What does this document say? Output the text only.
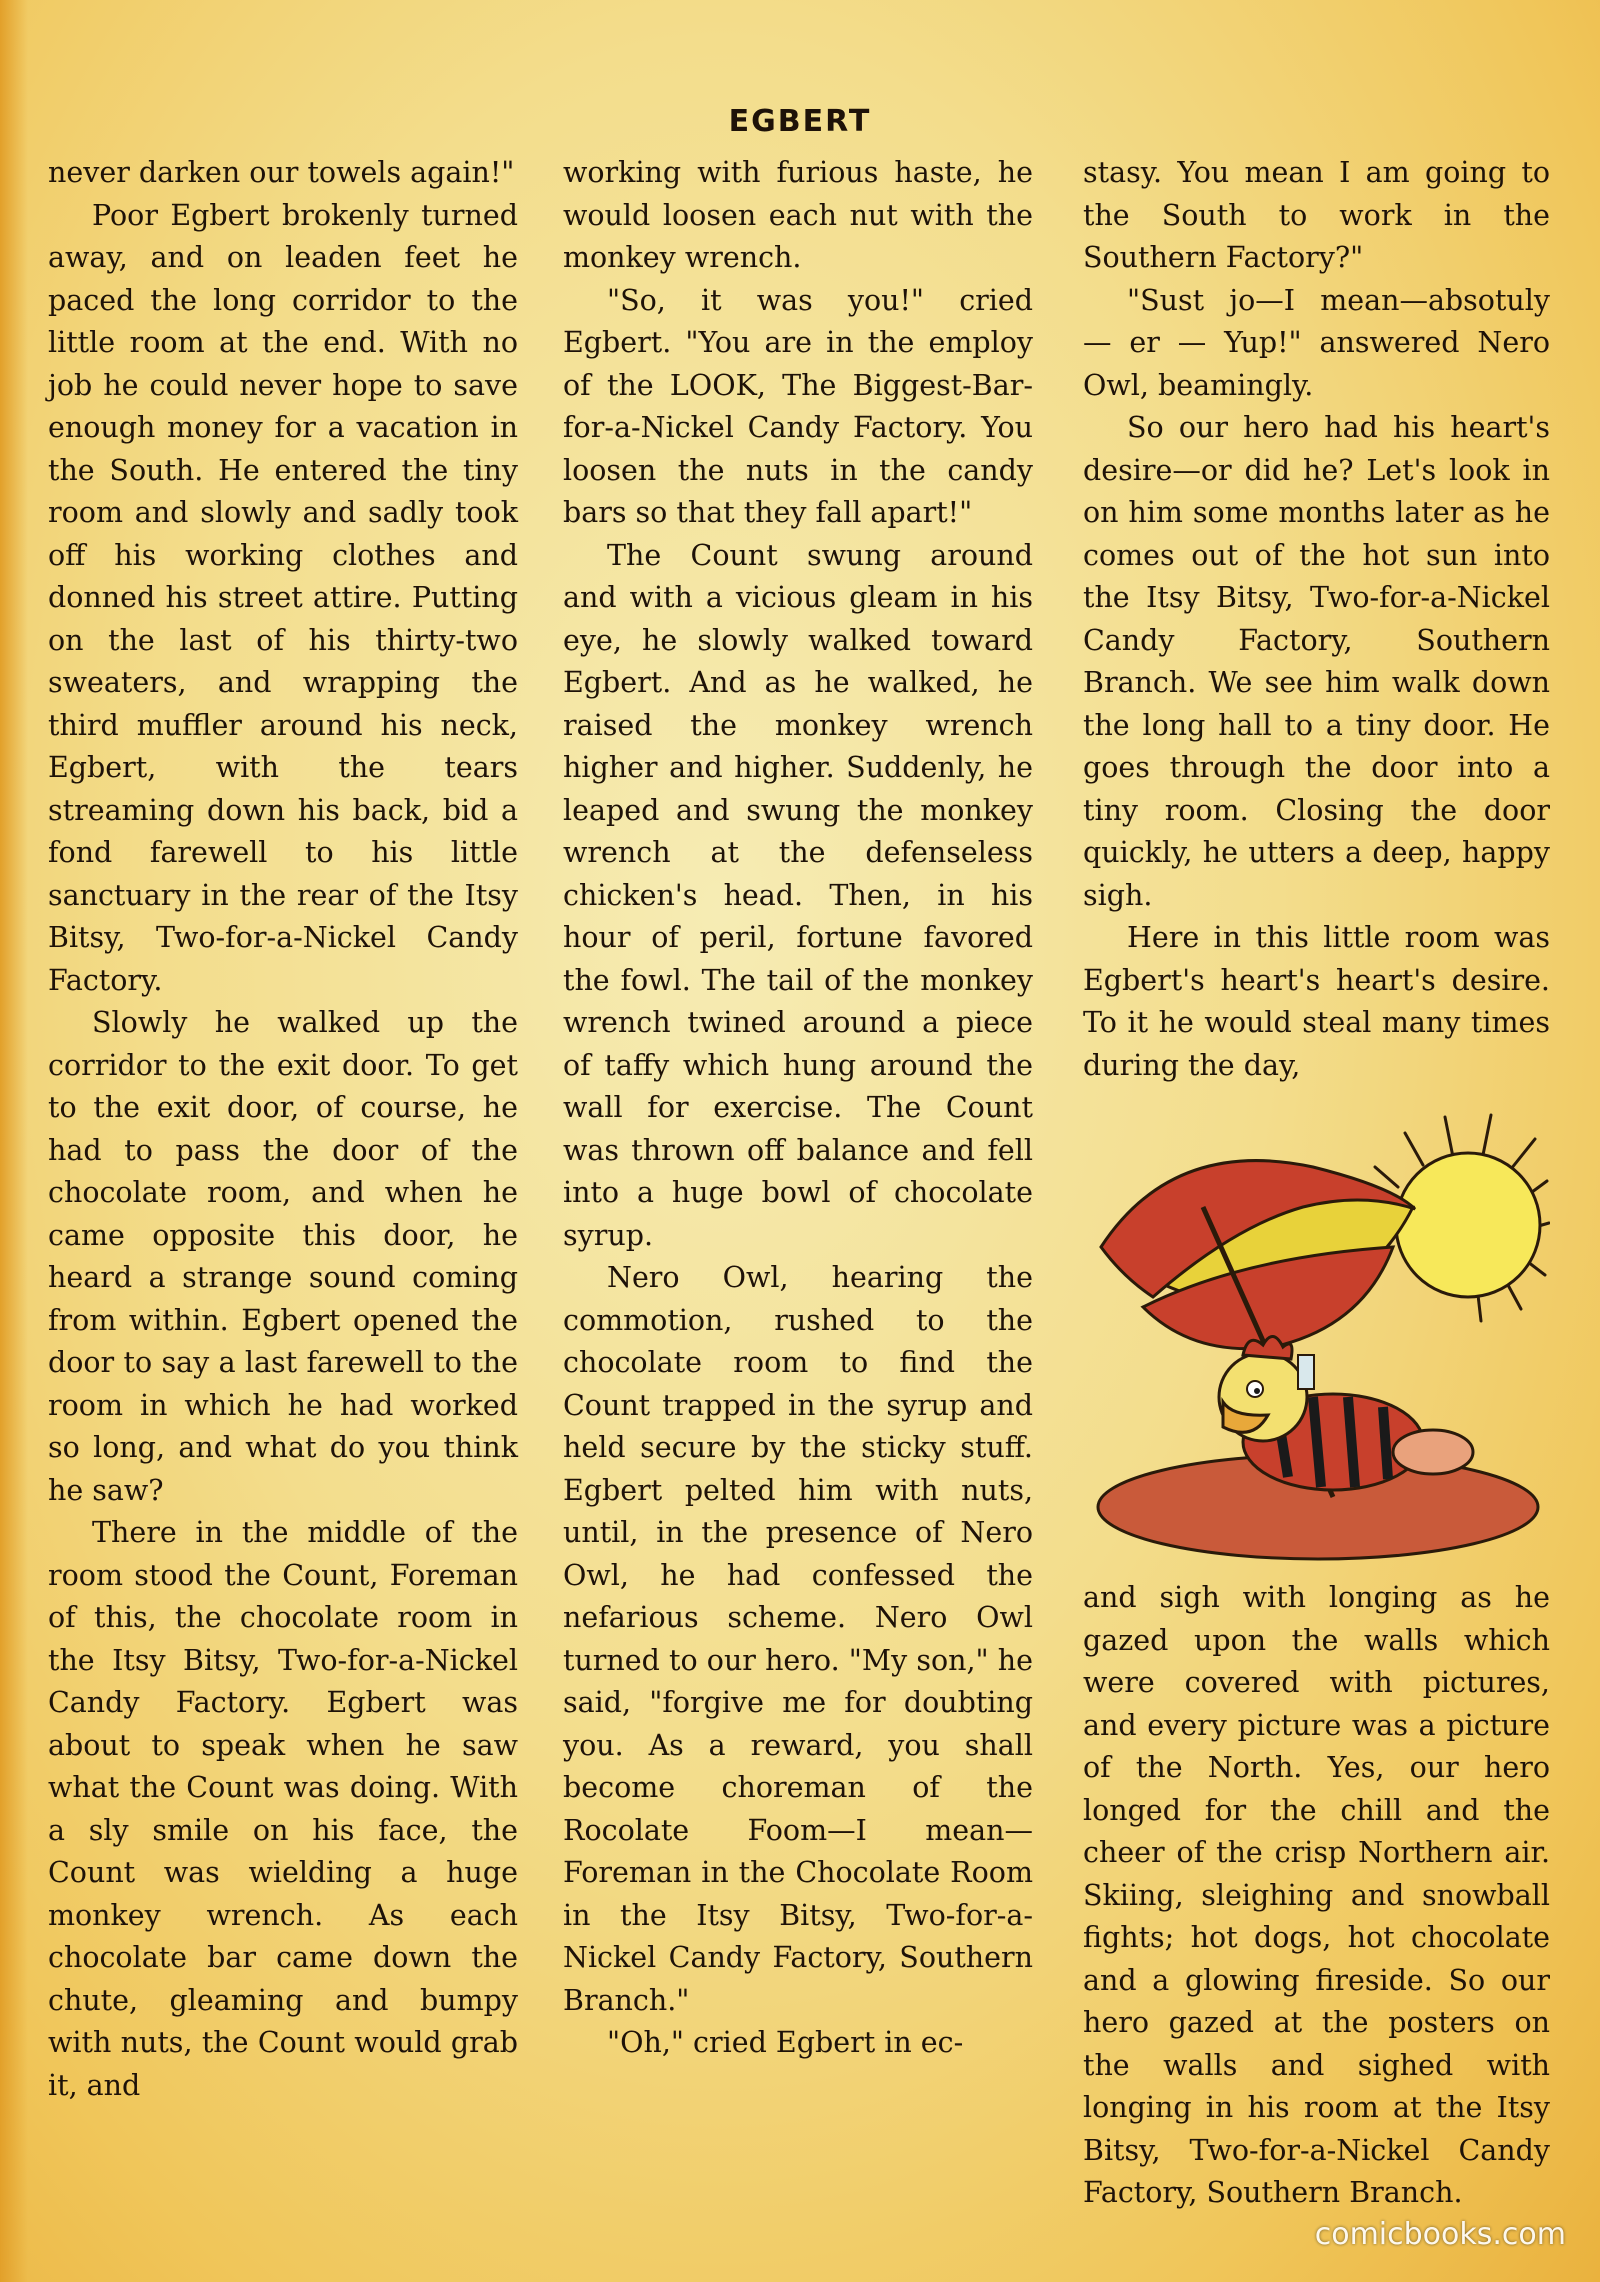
EGBERT

never darken our towels again!"

Poor Egbert brokenly turned away, and on leaden feet he paced the long corridor to the little room at the end. With no job he could never hope to save enough money for a vacation in the South. He entered the tiny room and slowly and sadly took off his working clothes and donned his street attire. Putting on the last of his thirty-two sweaters, and wrapping the third muffler around his neck, Egbert, with the tears streaming down his back, bid a fond farewell to his little sanctuary in the rear of the Itsy Bitsy, Two-for-a-Nickel Candy Factory.

Slowly he walked up the corridor to the exit door. To get to the exit door, of course, he had to pass the door of the chocolate room, and when he came opposite this door, he heard a strange sound coming from within. Egbert opened the door to say a last farewell to the room in which he had worked so long, and what do you think he saw?

There in the middle of the room stood the Count, Foreman of this, the chocolate room in the Itsy Bitsy, Two-for-a-Nickel Candy Factory. Egbert was about to speak when he saw what the Count was doing. With a sly smile on his face, the Count was wielding a huge monkey wrench. As each chocolate bar came down the chute, gleaming and bumpy with nuts, the Count would grab it, and

working with furious haste, he would loosen each nut with the monkey wrench.

"So, it was you!" cried Egbert. "You are in the employ of the LOOK, The Biggest-Bar-for-a-Nickel Candy Factory. You loosen the nuts in the candy bars so that they fall apart!"

The Count swung around and with a vicious gleam in his eye, he slowly walked toward Egbert. And as he walked, he raised the monkey wrench higher and higher. Suddenly, he leaped and swung the monkey wrench at the defenseless chicken's head. Then, in his hour of peril, fortune favored the fowl. The tail of the monkey wrench twined around a piece of taffy which hung around the wall for exercise. The Count was thrown off balance and fell into a huge bowl of chocolate syrup.

Nero Owl, hearing the commotion, rushed to the chocolate room to find the Count trapped in the syrup and held secure by the sticky stuff. Egbert pelted him with nuts, until, in the presence of Nero Owl, he had confessed the nefarious scheme. Nero Owl turned to our hero. "My son," he said, "forgive me for doubting you. As a reward, you shall become choreman of the Rocolate Foom—I mean—Foreman in the Chocolate Room in the Itsy Bitsy, Two-for-a-Nickel Candy Factory, Southern Branch."

"Oh," cried Egbert in ec-

stasy. You mean I am going to the South to work in the Southern Factory?"

"Sust jo—I mean—absotuly — er — Yup!" answered Nero Owl, beamingly.

So our hero had his heart's desire—or did he? Let's look in on him some months later as he comes out of the hot sun into the Itsy Bitsy, Two-for-a-Nickel Candy Factory, Southern Branch. We see him walk down the long hall to a tiny door. He goes through the door into a tiny room. Closing the door quickly, he utters a deep, happy sigh.

Here in this little room was Egbert's heart's heart's desire. To it he would steal many times during the day,

and sigh with longing as he gazed upon the walls which were covered with pictures, and every picture was a picture of the North. Yes, our hero longed for the chill and the cheer of the crisp Northern air. Skiing, sleighing and snowball fights; hot dogs, hot chocolate and a glowing fireside. So our hero gazed at the posters on the walls and sighed with longing in his room at the Itsy Bitsy, Two-for-a-Nickel Candy Factory, Southern Branch.

comicbooks.com
